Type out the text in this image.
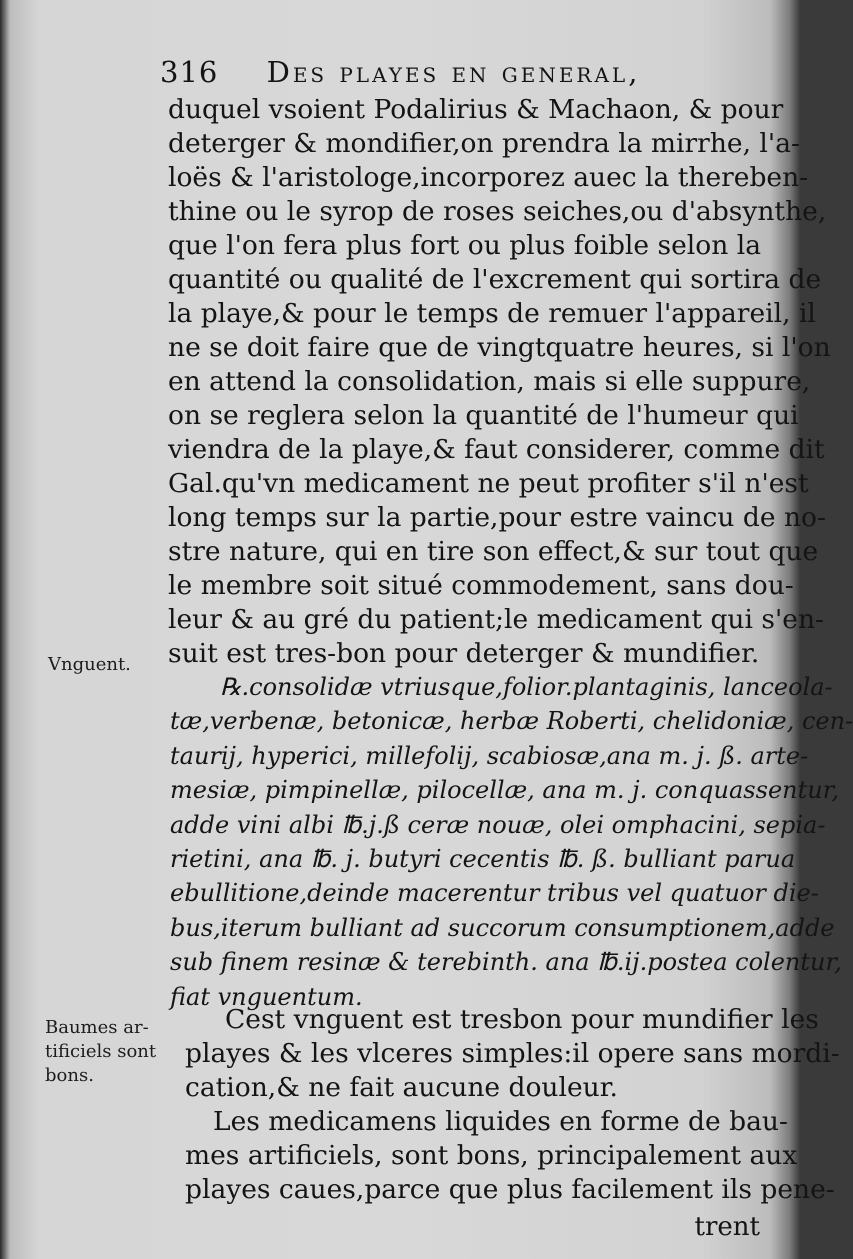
316 Des playes en general,
duquel vsoient Podalirius & Machaon, & pour
deterger & mondifier,on prendra la mirrhe, l'a-
loës & l'aristologe,incorporez auec la thereben-
thine ou le syrop de roses seiches,ou d'absynthe,
que l'on fera plus fort ou plus foible selon la
quantité ou qualité de l'excrement qui sortira de
la playe,& pour le temps de remuer l'appareil, il
ne se doit faire que de vingtquatre heures, si l'on
en attend la consolidation, mais si elle suppure,
on se reglera selon la quantité de l'humeur qui
viendra de la playe,& faut considerer, comme dit
Gal.qu'vn medicament ne peut profiter s'il n'est
long temps sur la partie,pour estre vaincu de no-
stre nature, qui en tire son effect,& sur tout que
le membre soit situé commodement, sans dou-
leur & au gré du patient;le medicament qui s'en-
suit est tres-bon pour deterger & mundifier.
Vnguent.
℞.consolidæ vtriusque,folior.plantaginis, lanceola-
tæ,verbenæ, betonicæ, herbæ Roberti, chelidoniæ, cen-
taurij, hyperici, millefolij, scabiosæ,ana m. j. ß. arte-
mesiæ, pimpinellæ, pilocellæ, ana m. j. conquassentur,
adde vini albi ℔.j.ß ceræ nouæ, olei omphacini, sepia-
rietini, ana ℔. j. butyri cecentis ℔. ß. bulliant parua
ebullitione,deinde macerentur tribus vel quatuor die-
bus,iterum bulliant ad succorum consumptionem,adde
sub finem resinæ & terebinth. ana ℔.ij.postea colentur,
fiat vnguentum.
Baumes ar-
tificiels sont
bons.
Cest vnguent est tresbon pour mundifier les
playes & les vlceres simples:il opere sans mordi-
cation,& ne fait aucune douleur.
Les medicamens liquides en forme de bau-
mes artificiels, sont bons, principalement aux
playes caues,parce que plus facilement ils pene-
trent
